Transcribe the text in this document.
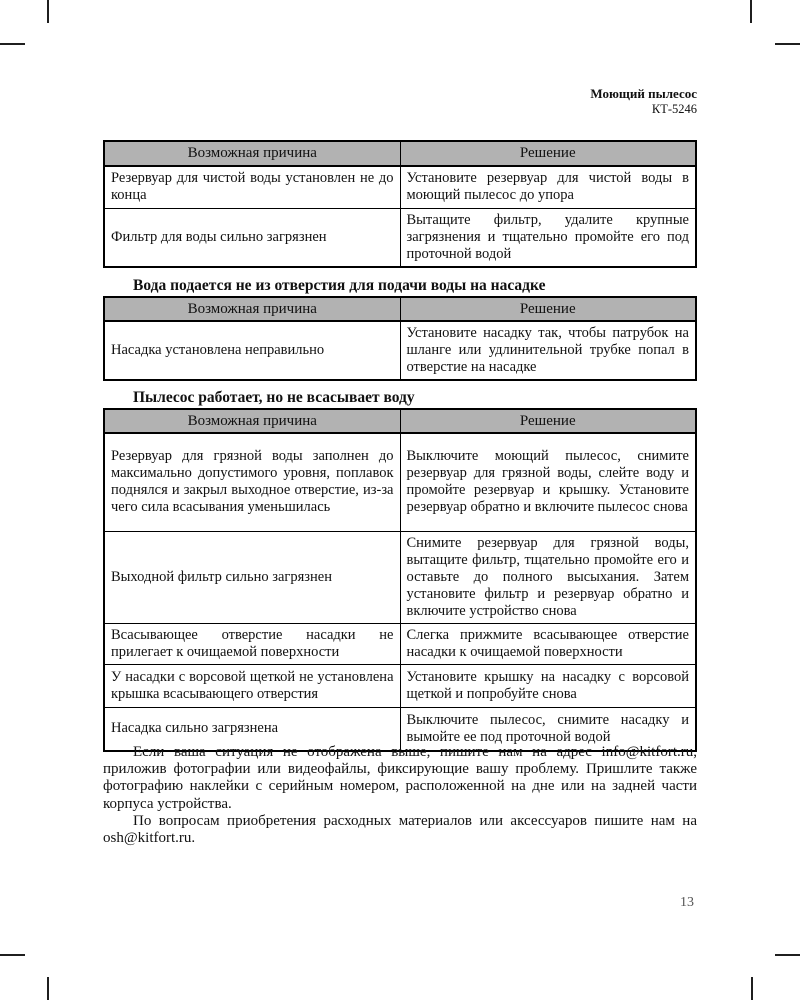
Моющий пылесос
КТ-5246
Возможная причина	Решение
Резервуар для чистой воды установлен не до конца	Установите резервуар для чистой воды в моющий пылесос до упора
Фильтр для воды сильно загрязнен	Вытащите фильтр, удалите крупные загрязнения и тщательно промойте его под проточной водой
Вода подается не из отверстия для подачи воды на насадке
Возможная причина	Решение
Насадка установлена неправильно	Установите насадку так, чтобы патрубок на шланге или удлинительной трубке попал в отверстие на насадке
Пылесос работает, но не всасывает воду
Возможная причина	Решение
Резервуар для грязной воды заполнен до максимально допустимого уровня, поплавок поднялся и закрыл выходное отверстие, из-за чего сила всасывания уменьшилась	Выключите моющий пылесос, снимите резервуар для грязной воды, слейте воду и промойте резервуар и крышку. Установите резервуар обратно и включите пылесос снова
Выходной фильтр сильно загрязнен	Снимите резервуар для грязной воды, вытащите фильтр, тщательно промойте его и оставьте до полного высыхания. Затем установите фильтр и резервуар обратно и включите устройство снова
Всасывающее отверстие насадки не прилегает к очищаемой поверхности	Слегка прижмите всасывающее отверстие насадки к очищаемой поверхности
У насадки с ворсовой щеткой не установлена крышка всасывающего отверстия	Установите крышку на насадку с ворсовой щеткой и попробуйте снова
Насадка сильно загрязнена	Выключите пылесос, снимите насадку и вымойте ее под проточной водой

Если ваша ситуация не отображена выше, пишите нам на адрес info@kitfort.ru, приложив фотографии или видеофайлы, фиксирующие вашу проблему. Пришлите также фотографию наклейки с серийным номером, расположенной на дне или на задней части корпуса устройства.

По вопросам приобретения расходных материалов или аксессуаров пишите нам на osh@kitfort.ru.

13
